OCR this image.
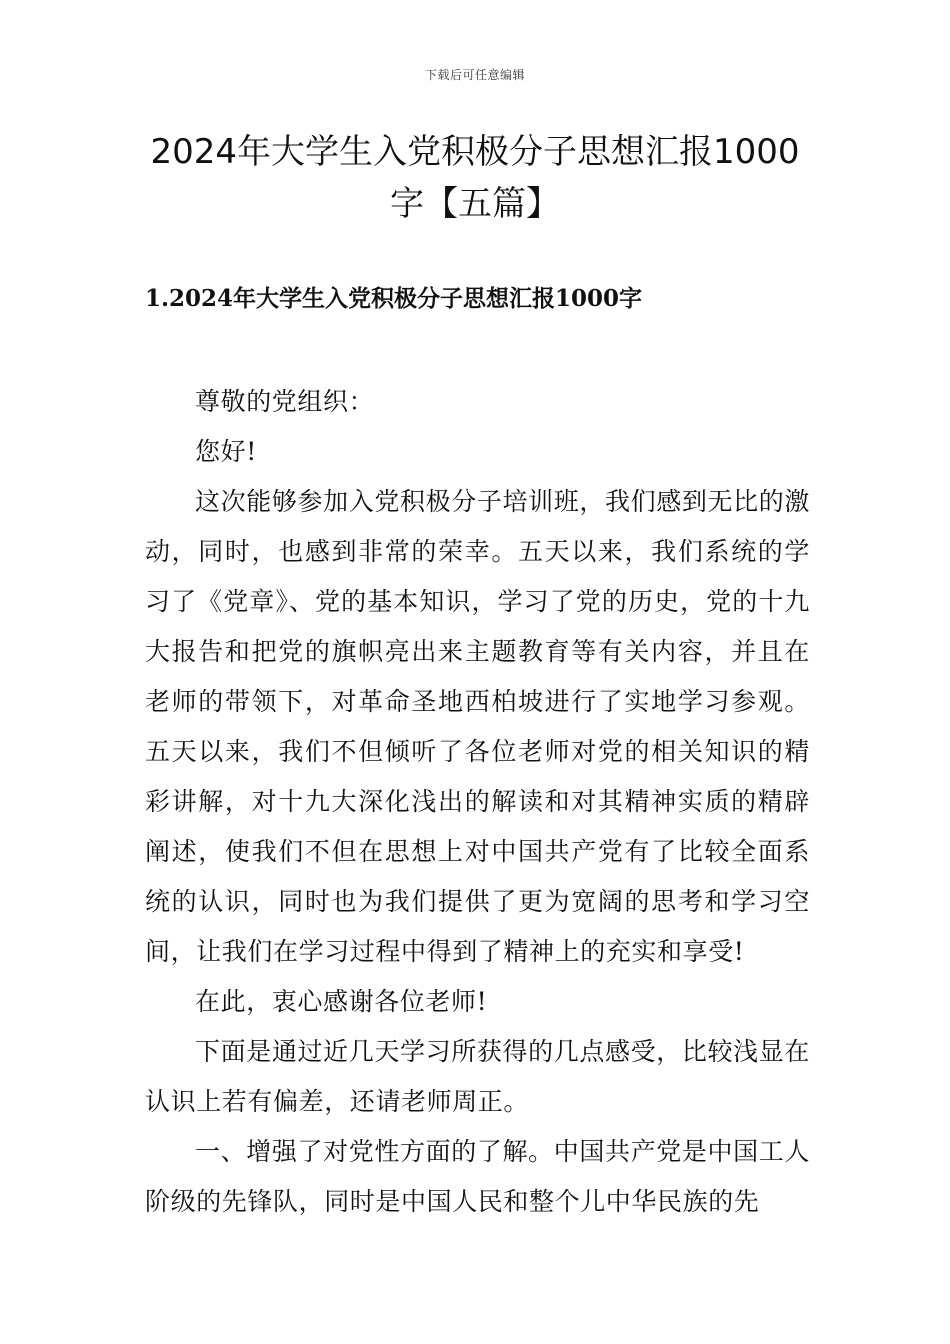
下载后可任意编辑
2024年大学生入党积极分子思想汇报1000字【五篇】
1.2024年大学生入党积极分子思想汇报1000字

尊敬的党组织：

您好!

这次能够参加入党积极分子培训班，我们感到无比的激动，同时，也感到非常的荣幸。五天以来，我们系统的学习了《党章》、党的基本知识，学习了党的历史，党的十九大报告和把党的旗帜亮出来主题教育等有关内容，并且在老师的带领下，对革命圣地西柏坡进行了实地学习参观。五天以来，我们不但倾听了各位老师对党的相关知识的精彩讲解，对十九大深化浅出的解读和对其精神实质的精辟阐述，使我们不但在思想上对中国共产党有了比较全面系统的认识，同时也为我们提供了更为宽阔的思考和学习空间，让我们在学习过程中得到了精神上的充实和享受!

在此，衷心感谢各位老师!

下面是通过近几天学习所获得的几点感受，比较浅显在认识上若有偏差，还请老师周正。

一、增强了对党性方面的了解。中国共产党是中国工人阶级的先锋队，同时是中国人民和整个儿中华民族的先
